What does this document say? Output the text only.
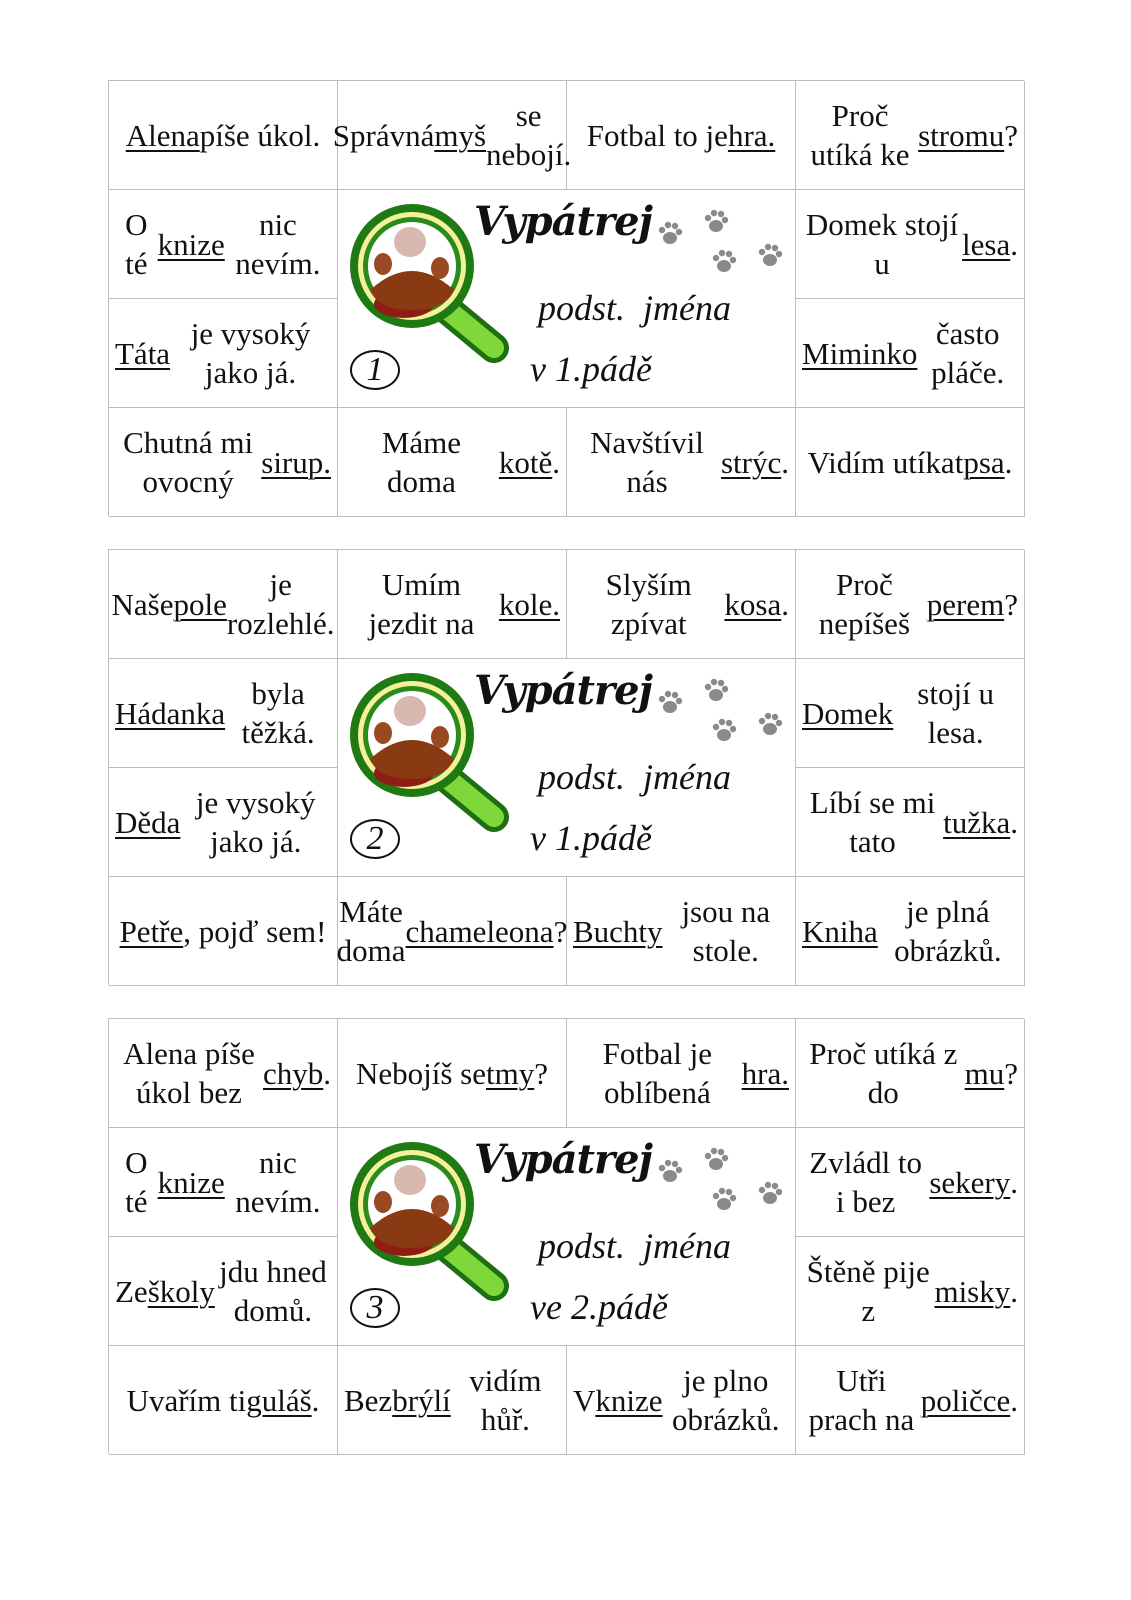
Alena píše úkol. Správná myš
se nebojí.
Fotbal to je hra.
Proč utíká ke
stromu ?
O té
knize
nic nevím.
Vypátrej
podst.  jména
v 1.pádě
1
Domek stojí u
lesa .
Táta
je vysoký jako já.
Miminko
často pláče.
Chutná mi ovocný
sirup.
Máme doma
kotě .
Navštívil nás
strýc . Vidím utíkat psa .
Naše pole
je rozlehlé.
Umím jezdit na
kole.
Slyším zpívat
kosa .
Proč nepíšeš
perem ?
Hádanka
byla těžká.
Vypátrej
podst.  jména
v 1.pádě
2
Domek
stojí u lesa.
Děda
je vysoký jako já.
Líbí se mi tato
tužka .
Petře , pojď sem!
Máte doma
chameleona ? Buchty
jsou na stole.
Kniha
je plná obrázků.
Alena píše úkol bez
chyb . Nebojíš se tmy ?
Fotbal je oblíbená
hra.
Proč utíká z do
mu ?
O té
knize
nic nevím.
Vypátrej
podst.  jména
ve 2.pádě
3
Zvládl to i bez
sekery .
Ze školy
jdu hned domů.
Štěně pije z
misky .
Uvařím ti guláš . Bez brýlí
vidím hůř.
V knize
je plno obrázků.
Utři prach na
poličce .
